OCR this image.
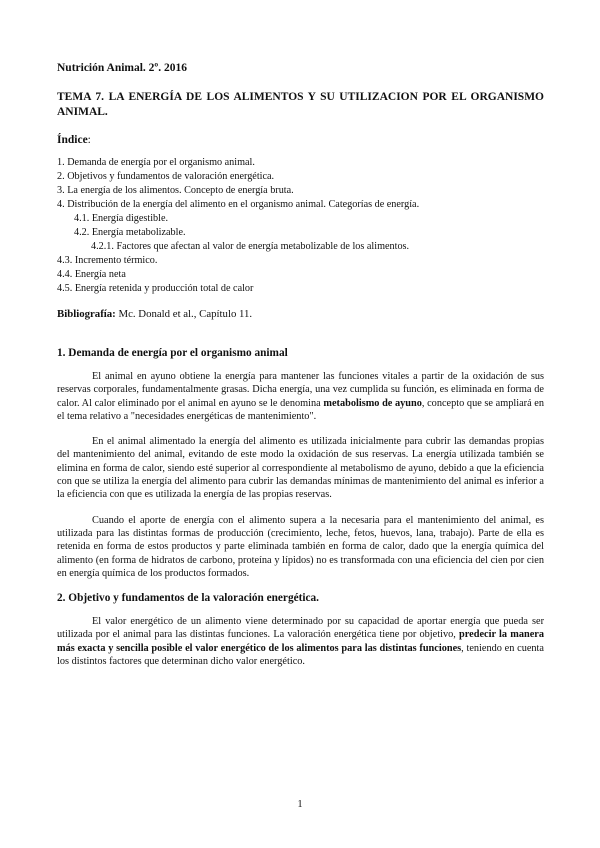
Nutrición Animal. 2º. 2016
TEMA 7. LA ENERGÍA DE LOS ALIMENTOS Y SU UTILIZACION POR EL ORGANISMO ANIMAL.
Índice:
1. Demanda de energía por el organismo animal.
2. Objetivos y fundamentos de valoración energética.
3. La energía de los alimentos. Concepto de energía bruta.
4. Distribución de la energía del alimento en el organismo animal. Categorías de energía.
4.1. Energía digestible.
4.2. Energía metabolizable.
4.2.1. Factores que afectan al valor de energía metabolizable de los alimentos.
4.3. Incremento térmico.
4.4. Energía neta
4.5. Energía retenida y producción total de calor
Bibliografía: Mc. Donald et al., Capítulo 11.
1. Demanda de energía por el organismo animal

El animal en ayuno obtiene la energía para mantener las funciones vitales a partir de la oxidación de sus reservas corporales, fundamentalmente grasas. Dicha energía, una vez cumplida su función, es eliminada en forma de calor. Al calor eliminado por el animal en ayuno se le denomina metabolismo de ayuno, concepto que se ampliará en el tema relativo a "necesidades energéticas de mantenimiento".

En el animal alimentado la energía del alimento es utilizada inicialmente para cubrir las demandas propias del mantenimiento del animal, evitando de este modo la oxidación de sus reservas. La energía utilizada también se elimina en forma de calor, siendo esté superior al correspondiente al metabolismo de ayuno, debido a que la eficiencia con que se utiliza la energía del alimento para cubrir las demandas mínimas de mantenimiento del animal es inferior a la eficiencia con que es utilizada la energía de las propias reservas.

Cuando el aporte de energía con el alimento supera a la necesaria para el mantenimiento del animal, es utilizada para las distintas formas de producción (crecimiento, leche, fetos, huevos, lana, trabajo). Parte de ella es retenida en forma de estos productos y parte eliminada también en forma de calor, dado que la energía química del alimento (en forma de hidratos de carbono, proteína y lípidos) no es transformada con una eficiencia del cien por cien en energía química de los productos formados.

2. Objetivo y fundamentos de la valoración energética.

El valor energético de un alimento viene determinado por su capacidad de aportar energía que pueda ser utilizada por el animal para las distintas funciones. La valoración energética tiene por objetivo, predecir la manera más exacta y sencilla posible el valor energético de los alimentos para las distintas funciones, teniendo en cuenta los distintos factores que determinan dicho valor energético.

1
